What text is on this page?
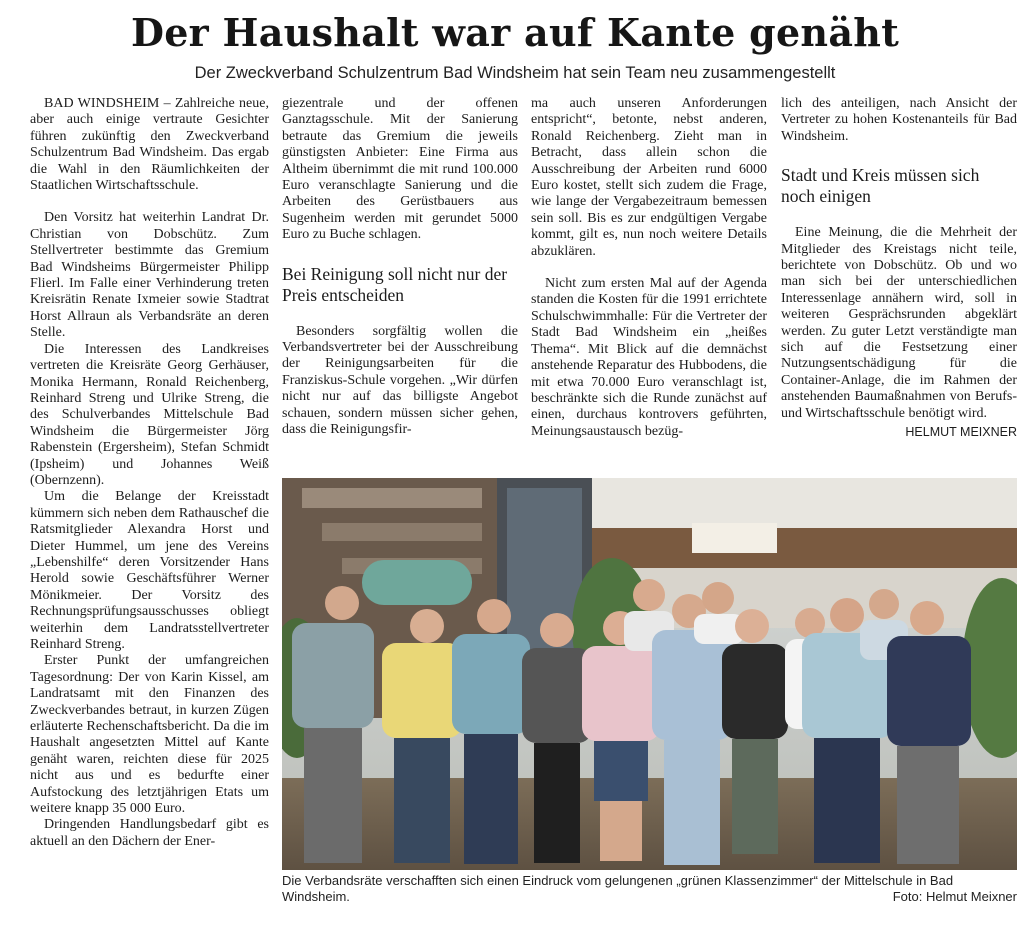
Der Haushalt war auf Kante genäht
Der Zweckverband Schulzentrum Bad Windsheim hat sein Team neu zusammengestellt

BAD WINDSHEIM – Zahlreiche neue, aber auch einige vertraute Gesichter führen zukünftig den Zweckverband Schulzentrum Bad Windsheim. Das ergab die Wahl in den Räumlichkeiten der Staatlichen Wirtschaftsschule.

Den Vorsitz hat weiterhin Landrat Dr. Christian von Dobschütz. Zum Stellvertreter bestimmte das Gremium Bad Windsheims Bürgermeister Philipp Flierl. Im Falle einer Verhinderung treten Kreisrätin Renate Ixmeier sowie Stadtrat Horst Allraun als Verbandsräte an deren Stelle.

Die Interessen des Landkreises vertreten die Kreisräte Georg Gerhäuser, Monika Hermann, Ronald Reichenberg, Reinhard Streng und Ulrike Streng, die des Schulverbandes Mittelschule Bad Windsheim die Bürgermeister Jörg Rabenstein (Ergersheim), Stefan Schmidt (Ipsheim) und Johannes Weiß (Obernzenn).

Um die Belange der Kreisstadt kümmern sich neben dem Rathauschef die Ratsmitglieder Alexandra Horst und Dieter Hummel, um jene des Vereins „Lebenshilfe“ deren Vorsitzender Hans Herold sowie Geschäftsführer Werner Mönikmeier. Der Vorsitz des Rechnungsprüfungsausschusses obliegt weiterhin dem Landratsstellvertreter Reinhard Streng.

Erster Punkt der umfangreichen Tagesordnung: Der von Karin Kissel, am Landratsamt mit den Finanzen des Zweckverbandes betraut, in kurzen Zügen erläuterte Rechenschaftsbericht. Da die im Haushalt angesetzten Mittel auf Kante genäht waren, reichten diese für 2025 nicht aus und es bedurfte einer Aufstockung des letztjährigen Etats um weitere knapp 35 000 Euro.

Dringenden Handlungsbedarf gibt es aktuell an den Dächern der Ener-

giezentrale und der offenen Ganztagsschule. Mit der Sanierung betraute das Gremium die jeweils günstigsten Anbieter: Eine Firma aus Altheim übernimmt die mit rund 100.000 Euro veranschlagte Sanierung und die Arbeiten des Gerüstbauers aus Sugenheim werden mit gerundet 5000 Euro zu Buche schlagen.

Bei Reinigung soll nicht nur der Preis entscheiden

Besonders sorgfältig wollen die Verbandsvertreter bei der Ausschreibung der Reinigungsarbeiten für die Franziskus-Schule vorgehen. „Wir dürfen nicht nur auf das billigste Angebot schauen, sondern müssen sicher gehen, dass die Reinigungsfir-

ma auch unseren Anforderungen entspricht“, betonte, nebst anderen, Ronald Reichenberg. Zieht man in Betracht, dass allein schon die Ausschreibung der Arbeiten rund 6000 Euro kostet, stellt sich zudem die Frage, wie lange der Vergabezeitraum bemessen sein soll. Bis es zur endgültigen Vergabe kommt, gilt es, nun noch weitere Details abzuklären.

Nicht zum ersten Mal auf der Agenda standen die Kosten für die 1991 errichtete Schulschwimmhalle: Für die Vertreter der Stadt Bad Windsheim ein „heißes Thema“. Mit Blick auf die demnächst anstehende Reparatur des Hubbodens, die mit etwa 70.000 Euro veranschlagt ist, beschränkte sich die Runde zunächst auf einen, durchaus kontrovers geführten, Meinungsaustausch bezüg-

lich des anteiligen, nach Ansicht der Vertreter zu hohen Kostenanteils für Bad Windsheim.

Stadt und Kreis müssen sich noch einigen

Eine Meinung, die die Mehrheit der Mitglieder des Kreistags nicht teile, berichtete von Dobschütz. Ob und wo man sich bei der unterschiedlichen Interessenlage annähern wird, soll in weiteren Gesprächsrunden abgeklärt werden. Zu guter Letzt verständigte man sich auf die Festsetzung einer Nutzungsentschädigung für die Container-Anlage, die im Rahmen der anstehenden Baumaßnahmen von Berufs- und Wirtschaftsschule benötigt wird.

HELMUT MEIXNER
Die Verbandsräte verschafften sich einen Eindruck vom gelungenen „grünen Klassenzimmer“ der Mittelschule in Bad Windsheim.	Foto: Helmut Meixner
